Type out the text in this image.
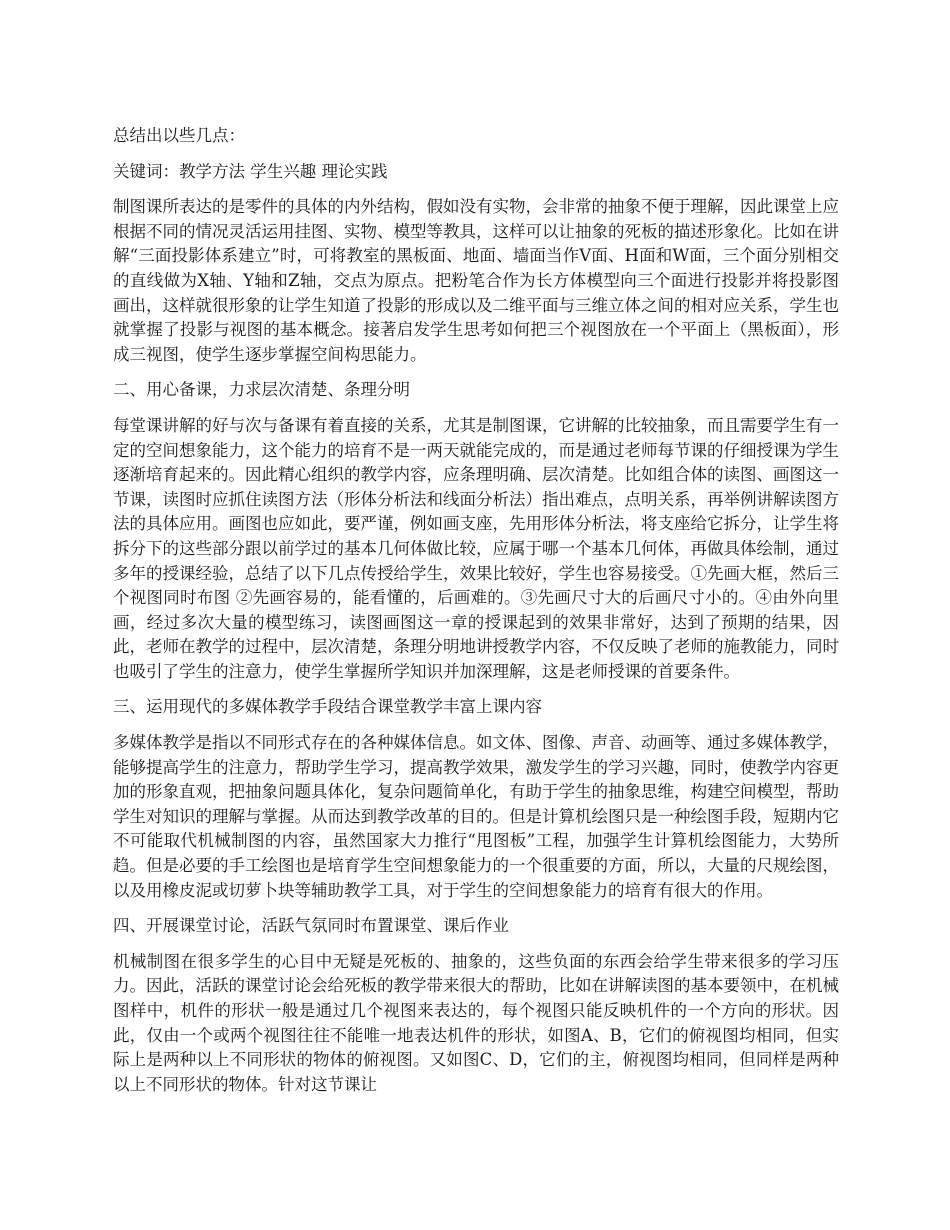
总结出以些几点：

关键词：教学方法 学生兴趣 理论实践

制图课所表达的是零件的具体的内外结构，假如没有实物，会非常的抽象不便于理解，因此课堂上应根据不同的情况灵活运用挂图、实物、模型等教具，这样可以让抽象的死板的描述形象化。比如在讲解“三面投影体系建立”时，可将教室的黑板面、地面、墙面当作V面、H面和W面，三个面分别相交的直线做为X轴、Y轴和Z轴，交点为原点。把粉笔合作为长方体模型向三个面进行投影并将投影图画出，这样就很形象的让学生知道了投影的形成以及二维平面与三维立体之间的相对应关系，学生也就掌握了投影与视图的基本概念。接著启发学生思考如何把三个视图放在一个平面上（黑板面），形成三视图，使学生逐步掌握空间构思能力。

二、用心备课，力求层次清楚、条理分明

每堂课讲解的好与次与备课有着直接的关系，尤其是制图课，它讲解的比较抽象，而且需要学生有一定的空间想象能力，这个能力的培育不是一两天就能完成的，而是通过老师每节课的仔细授课为学生逐渐培育起来的。因此精心组织的教学内容，应条理明确、层次清楚。比如组合体的读图、画图这一节课，读图时应抓住读图方法（形体分析法和线面分析法）指出难点，点明关系，再举例讲解读图方法的具体应用。画图也应如此，要严谨，例如画支座，先用形体分析法，将支座给它拆分，让学生将拆分下的这些部分跟以前学过的基本几何体做比较，应属于哪一个基本几何体，再做具体绘制，通过多年的授课经验，总结了以下几点传授给学生，效果比较好，学生也容易接受。①先画大框，然后三个视图同时布图 ②先画容易的，能看懂的，后画难的。③先画尺寸大的后画尺寸小的。④由外向里画，经过多次大量的模型练习，读图画图这一章的授课起到的效果非常好，达到了预期的结果，因此，老师在教学的过程中，层次清楚，条理分明地讲授教学内容，不仅反映了老师的施教能力，同时也吸引了学生的注意力，使学生掌握所学知识并加深理解，这是老师授课的首要条件。

三、运用现代的多媒体教学手段结合课堂教学丰富上课内容

多媒体教学是指以不同形式存在的各种媒体信息。如文体、图像、声音、动画等、通过多媒体教学，能够提高学生的注意力，帮助学生学习，提高教学效果，激发学生的学习兴趣，同时，使教学内容更加的形象直观，把抽象问题具体化，复杂问题简单化，有助于学生的抽象思维，构建空间模型，帮助学生对知识的理解与掌握。从而达到教学改革的目的。但是计算机绘图只是一种绘图手段，短期内它不可能取代机械制图的内容，虽然国家大力推行“甩图板”工程，加强学生计算机绘图能力，大势所趋。但是必要的手工绘图也是培育学生空间想象能力的一个很重要的方面，所以，大量的尺规绘图，以及用橡皮泥或切萝卜块等辅助教学工具，对于学生的空间想象能力的培育有很大的作用。

四、开展课堂讨论，活跃气氛同时布置课堂、课后作业

机械制图在很多学生的心目中无疑是死板的、抽象的，这些负面的东西会给学生带来很多的学习压力。因此，活跃的课堂讨论会给死板的教学带来很大的帮助，比如在讲解读图的基本要领中，在机械图样中，机件的形状一般是通过几个视图来表达的，每个视图只能反映机件的一个方向的形状。因此，仅由一个或两个视图往往不能唯一地表达机件的形状，如图A、B，它们的俯视图均相同，但实际上是两种以上不同形状的物体的俯视图。又如图C、D，它们的主，俯视图均相同，但同样是两种以上不同形状的物体。针对这节课让
